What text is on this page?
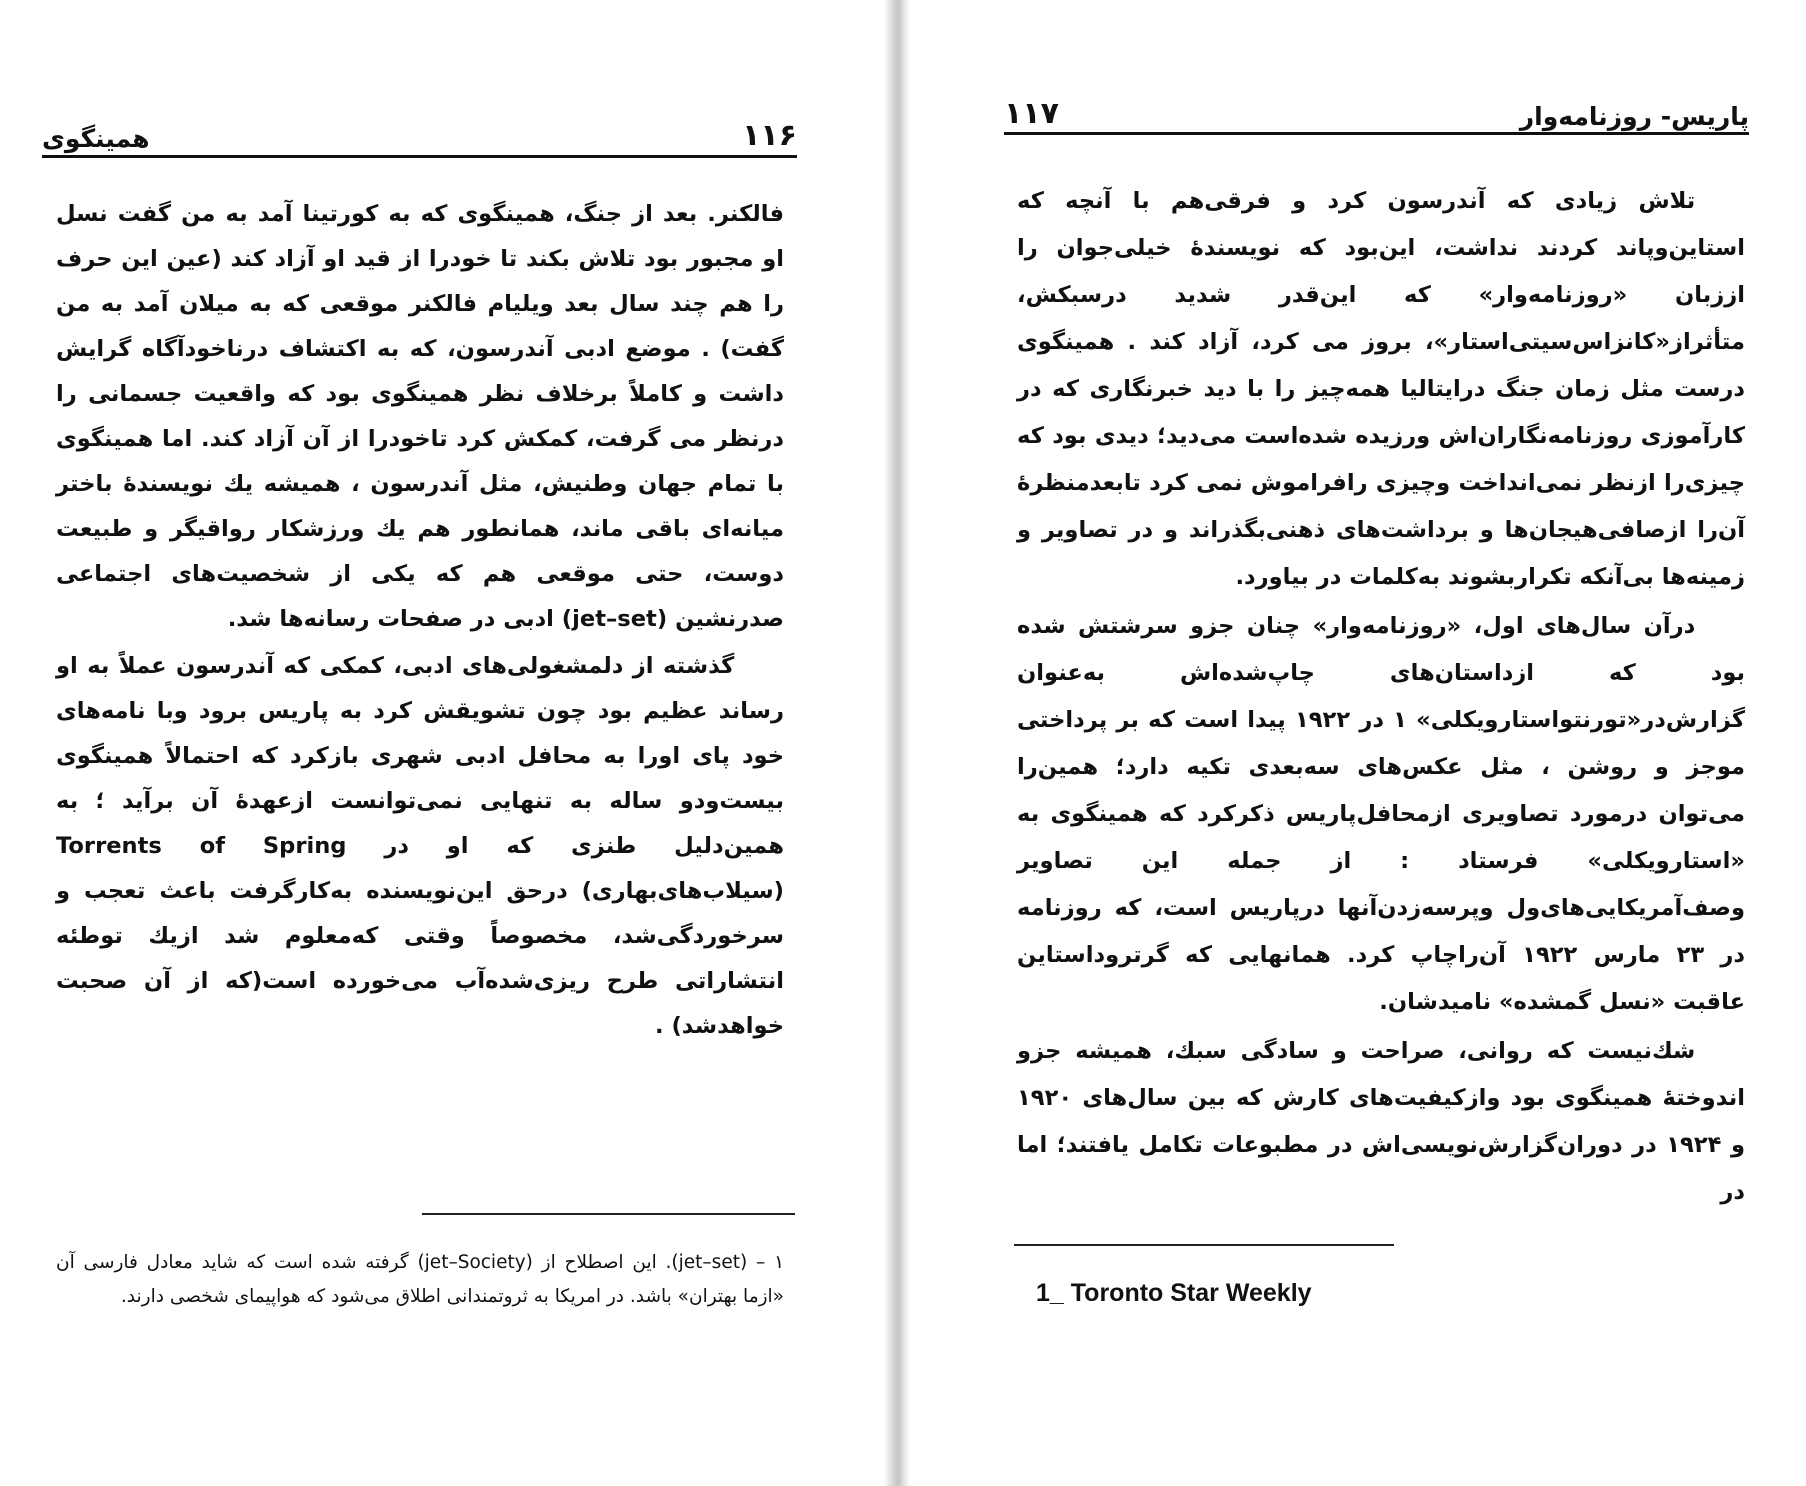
همینگوی	۱۱۶

فالکنر. بعد از جنگ، همینگوی که به کورتینا آمد به من گفت نسل او مجبور بود تلاش بکند تا خودرا از قید او آزاد کند (عین این حرف را هم چند سال بعد ویلیام فالکنر موقعی که به میلان آمد به من گفت) . موضع ادبی آندرسون، که به اکتشاف درناخودآگاه گرایش داشت و کاملاً برخلاف نظر همینگوی بود که واقعیت جسمانی را درنظر می گرفت، کمکش کرد تاخودرا از آن آزاد کند. اما همینگوی با تمام جهان وطنیش، مثل آندرسون ، همیشه یك نویسندهٔ باختر میانه‌ای باقی ماند، همانطور هم یك ورزشکار رواقیگر و طبیعت دوست، حتی موقعی هم که یکی از شخصیت‌های اجتماعی صدرنشین (jet–set) ادبی در صفحات رسانه‌ها شد.

گذشته از دلمشغولی‌های ادبی، کمکی که آندرسون عملاً به او رساند عظیم بود چون تشویقش کرد به پاریس برود وبا نامه‌های خود پای اورا به محافل ادبی شهری بازکرد که احتمالاً همینگوی بیست‌ودو ساله به تنهایی نمی‌توانست ازعهدهٔ آن برآید ؛ به همین‌دلیل طنزی که او در Torrents of Spring (سیلاب‌های‌بهاری) درحق این‌نویسنده به‌کارگرفت باعث تعجب و سرخوردگی‌شد، مخصوصاً وقتی که‌معلوم شد ازیك توطئه انتشاراتی طرح ریزی‌شده‌آب می‌خورده است(که از آن صحبت خواهدشد) .

۱ – (jet–set). این اصطلاح از (jet–Society) گرفته شده است که شاید معادل فارسی آن «ازما بهتران» باشد. در امریکا به ثروتمندانی اطلاق می‌شود که هواپیمای شخصی دارند.
۱۱۷	پاریس- روزنامه‌وار

تلاش زیادی که آندرسون کرد و فرقی‌هم با آنچه که استاین‌وپاند کردند نداشت، این‌بود که نویسندهٔ خیلی‌جوان را اززبان «روزنامه‌وار» که این‌قدر شدید درسبکش، متأثراز«کانزاس‌سیتی‌استار»، بروز می کرد، آزاد کند . همینگوی درست مثل زمان جنگ درایتالیا همه‌چیز را با دید خبرنگاری که در کارآموزی روزنامه‌نگاران‌اش ورزیده شده‌است می‌دید؛ دیدی بود که چیزی‌را ازنظر نمی‌انداخت وچیزی رافراموش نمی کرد تابعدمنظرهٔ آن‌را ازصافی‌هیجان‌ها و برداشت‌های ذهنی‌بگذراند و در تصاویر و زمینه‌ها بی‌آنکه تکراربشوند به‌کلمات در بیاورد.

درآن سال‌های اول، «روزنامه‌وار» چنان جزو سرشتش شده بود که ازداستان‌های چاپ‌شده‌اش به‌عنوان گزارش‌در«تورنتواستارویکلی» ۱ در ۱۹۲۲ پیدا است که بر پرداختی موجز و روشن ، مثل عکس‌های سه‌بعدی تکیه دارد؛ همین‌را می‌توان درمورد تصاویری ازمحافل‌پاریس ذکرکرد که همینگوی به «استارویکلی» فرستاد : از جمله این تصاویر وصف‌آمریکایی‌های‌ول وپرسه‌زدن‌آنها درپاریس است، که روزنامه در ۲۳ مارس ۱۹۲۲ آن‌راچاپ کرد. همانهایی که گرترود‌استاین عاقبت «نسل گمشده» نامیدشان.

شك‌نیست که روانی، صراحت و سادگی سبك، همیشه جزو اندوختهٔ همینگوی بود وازکیفیت‌های کارش که بین سال‌های ۱۹۲۰ و ۱۹۲۴ در دوران‌گزارش‌نویسی‌اش در مطبوعات تکامل یافتند؛ اما در

1_ Toronto Star Weekly
